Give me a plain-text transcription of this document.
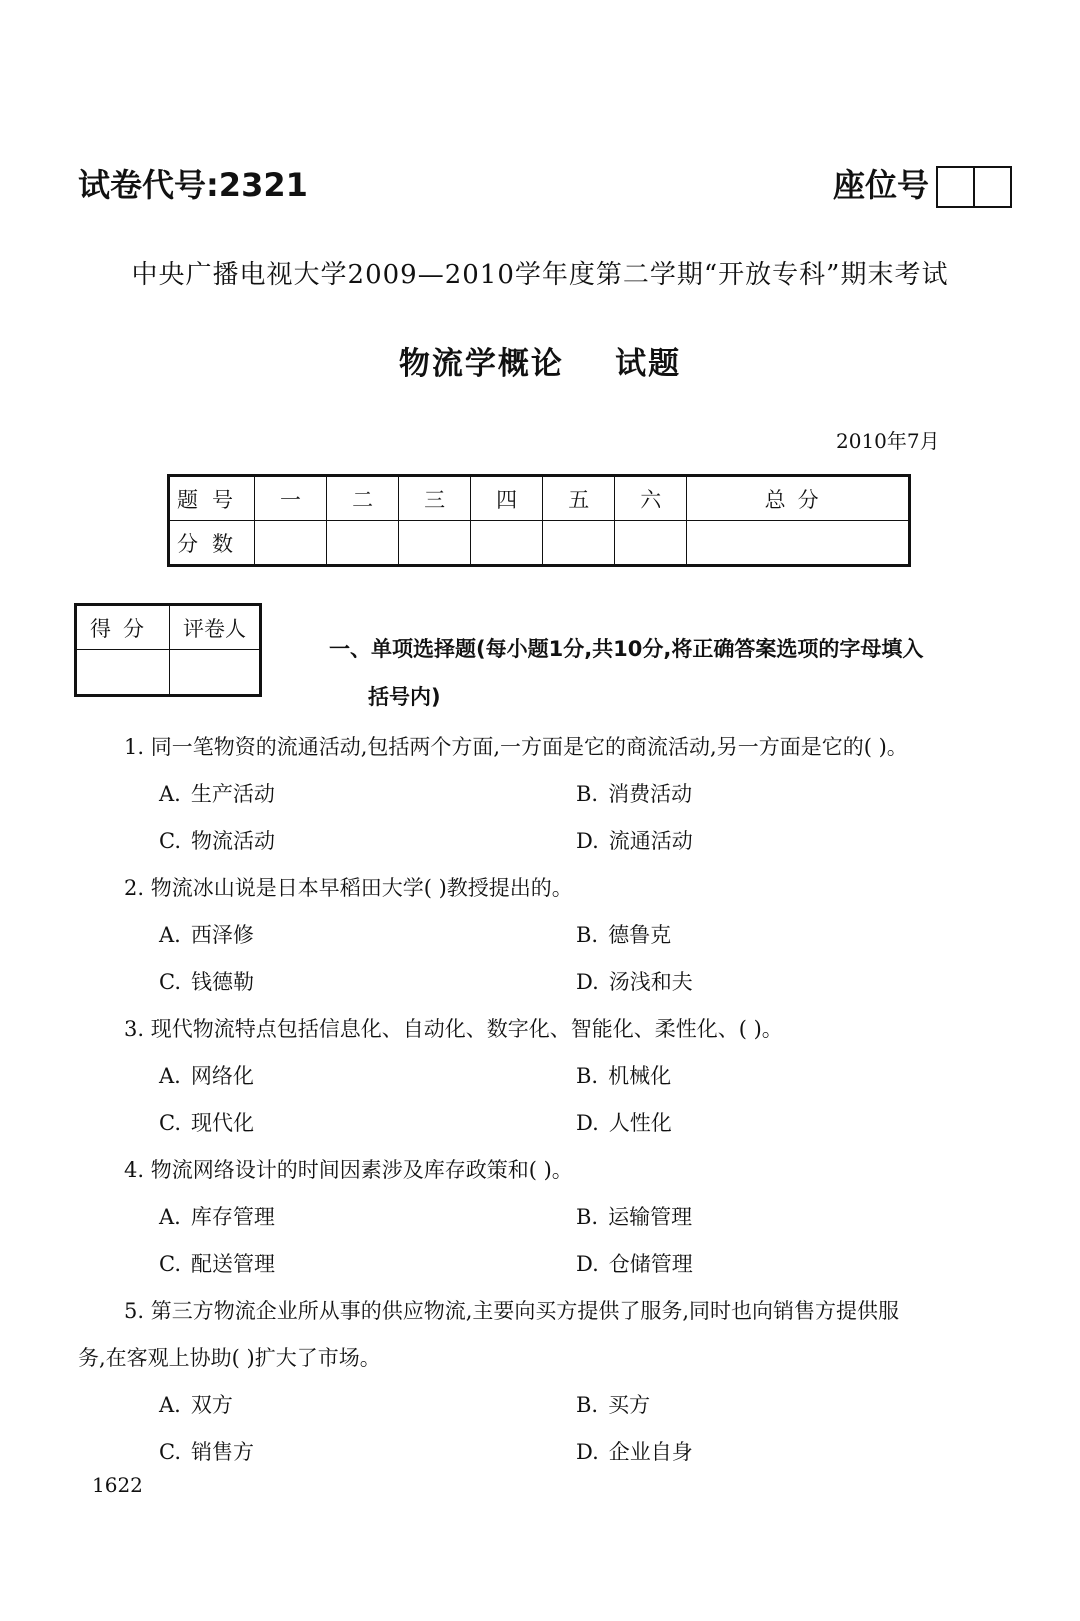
试卷代号:2321	座位号
中央广播电视大学2009—2010学年度第二学期“开放专科”期末考试
物流学概论    试题
2010年7月
题号	一	二	三	四	五	六	总分
分数							
得分	评卷人

一、单项选择题(每小题1分,共10分,将正确答案选项的字母填入
括号内)
1. 同一笔物资的流通活动,包括两个方面,一方面是它的商流活动,另一方面是它的( )。
A. 生产活动	B. 消费活动
C. 物流活动	D. 流通活动
2. 物流冰山说是日本早稻田大学( )教授提出的。
A. 西泽修	B. 德鲁克
C. 钱德勒	D. 汤浅和夫
3. 现代物流特点包括信息化、自动化、数字化、智能化、柔性化、( )。
A. 网络化	B. 机械化
C. 现代化	D. 人性化
4. 物流网络设计的时间因素涉及库存政策和( )。
A. 库存管理	B. 运输管理
C. 配送管理	D. 仓储管理
5. 第三方物流企业所从事的供应物流,主要向买方提供了服务,同时也向销售方提供服
务,在客观上协助( )扩大了市场。
A. 双方	B. 买方
C. 销售方	D. 企业自身
1622
